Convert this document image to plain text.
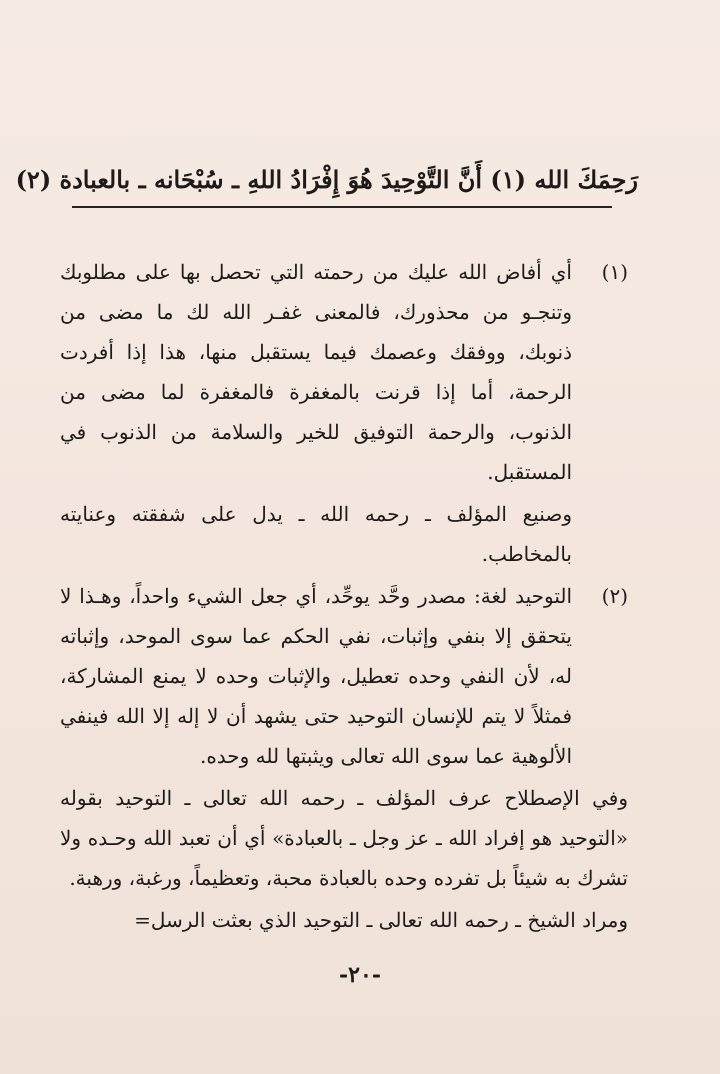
رَحِمَكَ الله (١) أَنَّ التَّوْحِيدَ هُوَ إِفْرَادُ اللهِ ـ سُبْحَانه ـ بالعبادة (٢)
(١)

أي أفاض الله عليك من رحمته التي تحصل بها على مطلوبك وتنجـو من محذورك، فالمعنى غفـر الله لك ما مضى من ذنوبك، ووفقك وعصمك فيما يستقبل منها، هذا إذا أفردت الرحمة، أما إذا قرنت بالمغفرة فالمغفرة لما مضى من الذنوب، والرحمة التوفيق للخير والسلامة من الذنوب في المستقبل.

وصنيع المؤلف ـ رحمه الله ـ يدل على شفقته وعنايته بالمخاطب.

(٢)

التوحيد لغة: مصدر وحَّد يوحِّد، أي جعل الشيء واحداً، وهـذا لا يتحقق إلا بنفي وإثبات، نفي الحكم عما سوى الموحد، وإثباته له، لأن النفي وحده تعطيل، والإثبات وحده لا يمنع المشاركة، فمثلاً لا يتم للإنسان التوحيد حتى يشهد أن لا إله إلا الله فينفي الألوهية عما سوى الله تعالى ويثبتها لله وحده.

وفي الإصطلاح عرف المؤلف ـ رحمه الله تعالى ـ التوحيد بقوله «التوحيد هو إفراد الله ـ عز وجل ـ بالعبادة» أي أن تعبد الله وحـده ولا تشرك به شيئاً بل تفرده وحده بالعبادة محبة، وتعظيماً، ورغبة، ورهبة.

ومراد الشيخ ـ رحمه الله تعالى ـ التوحيد الذي بعثت الرسل=

-٢٠-
